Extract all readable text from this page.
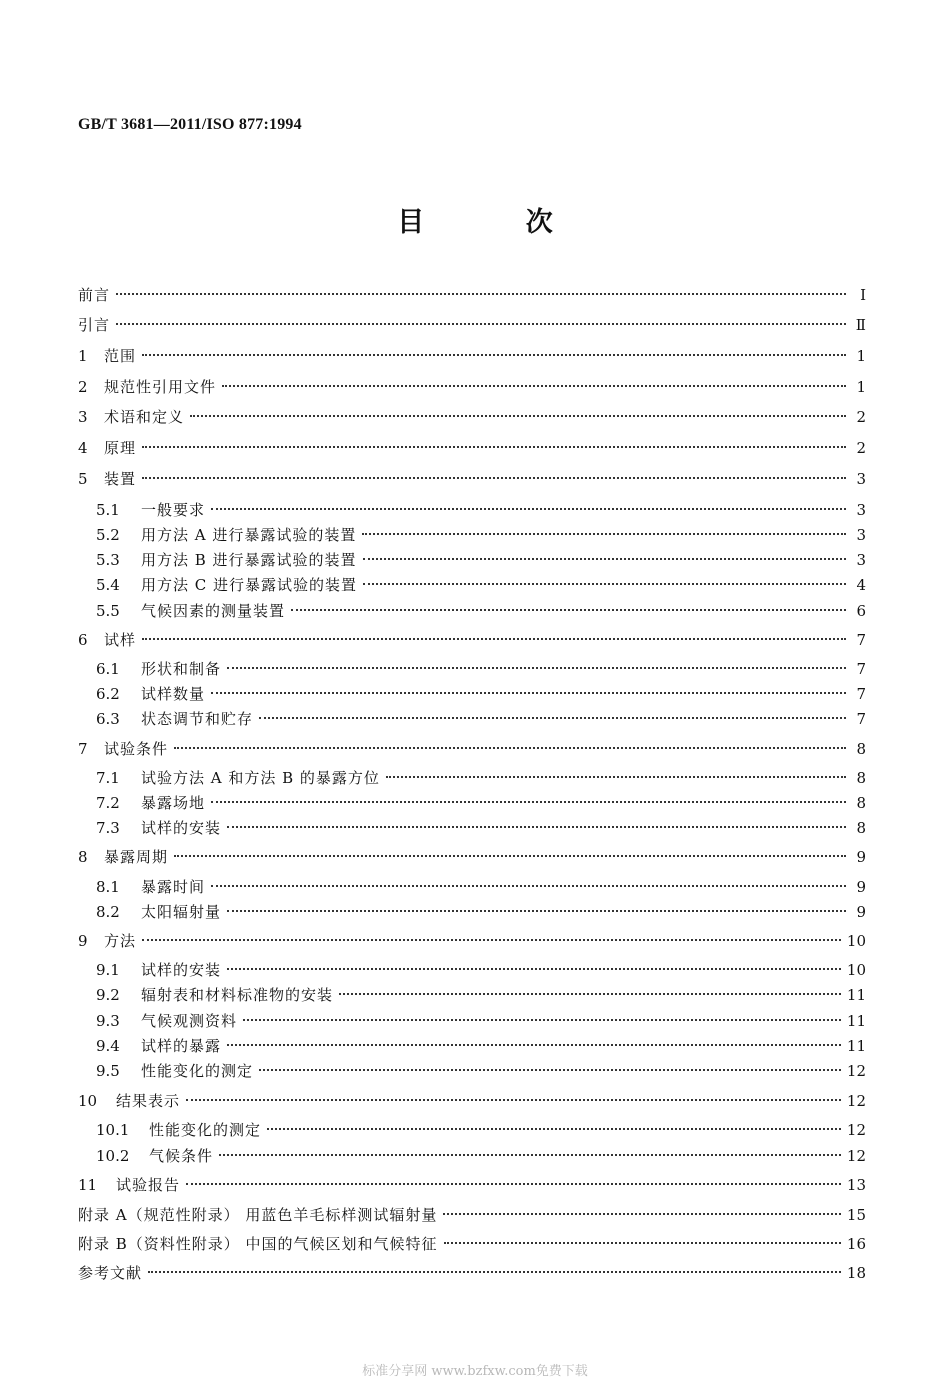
GB/T 3681—2011/ISO 877:1994
目 次
前言	Ⅰ
引言	Ⅱ
1	范围	1
2	规范性引用文件	1
3	术语和定义	2
4	原理	2
5	装置	3
5.1	一般要求	3
5.2	用方法 A 进行暴露试验的装置	3
5.3	用方法 B 进行暴露试验的装置	3
5.4	用方法 C 进行暴露试验的装置	4
5.5	气候因素的测量装置	6
6	试样	7
6.1	形状和制备	7
6.2	试样数量	7
6.3	状态调节和贮存	7
7	试验条件	8
7.1	试验方法 A 和方法 B 的暴露方位	8
7.2	暴露场地	8
7.3	试样的安装	8
8	暴露周期	9
8.1	暴露时间	9
8.2	太阳辐射量	9
9	方法	10
9.1	试样的安装	10
9.2	辐射表和材料标准物的安装	11
9.3	气候观测资料	11
9.4	试样的暴露	11
9.5	性能变化的测定	12
10	结果表示	12
10.1	性能变化的测定	12
10.2	气候条件	12
11	试验报告	13
附录 A（规范性附录） 用蓝色羊毛标样测试辐射量	15
附录 B（资料性附录） 中国的气候区划和气候特征	16
参考文献	18
标准分享网 www.bzfxw.com免费下载
